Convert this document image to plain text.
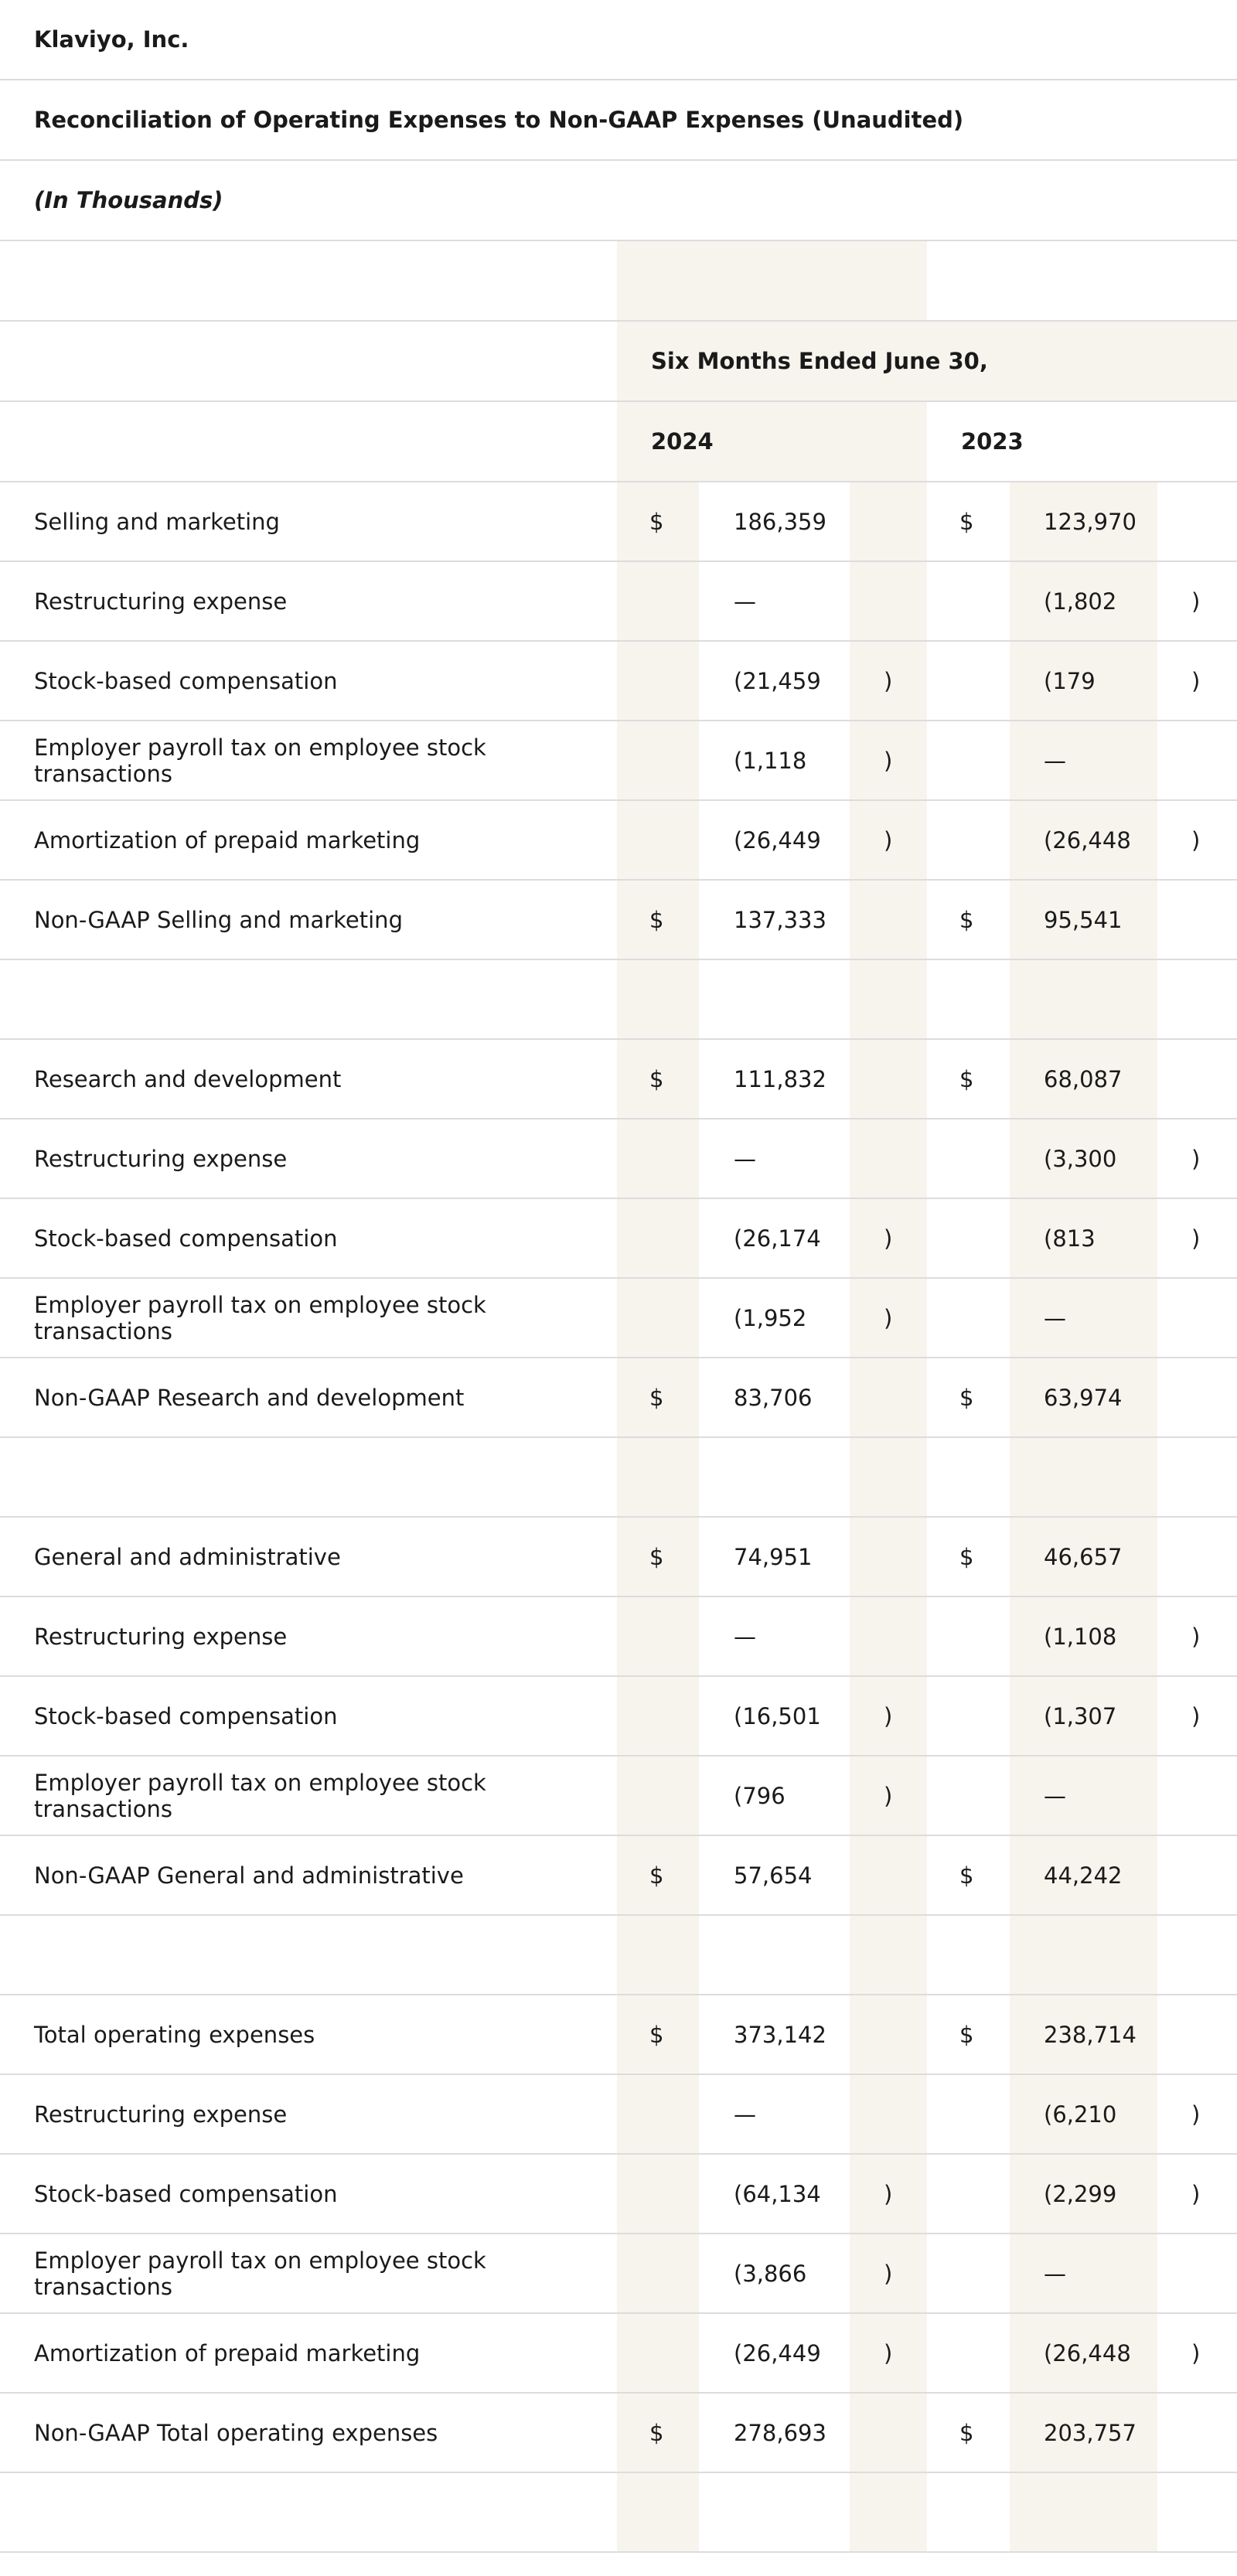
Klaviyo, Inc.
Reconciliation of Operating Expenses to Non-GAAP Expenses (Unaudited)
(In Thousands)
Six Months Ended June 30,
2024	2023
Selling and marketing	$	186,359	$	123,970
Restructuring expense	—	(1,802	)
Stock-based compensation	(21,459	)	(179	)
Employer payroll tax on employee stock transactions	(1,118	)	—
Amortization of prepaid marketing	(26,449	)	(26,448	)
Non-GAAP Selling and marketing	$	137,333	$	95,541
Research and development	$	111,832	$	68,087
Restructuring expense	—	(3,300	)
Stock-based compensation	(26,174	)	(813	)
Employer payroll tax on employee stock transactions	(1,952	)	—
Non-GAAP Research and development	$	83,706	$	63,974
General and administrative	$	74,951	$	46,657
Restructuring expense	—	(1,108	)
Stock-based compensation	(16,501	)	(1,307	)
Employer payroll tax on employee stock transactions	(796	)	—
Non-GAAP General and administrative	$	57,654	$	44,242
Total operating expenses	$	373,142	$	238,714
Restructuring expense	—	(6,210	)
Stock-based compensation	(64,134	)	(2,299	)
Employer payroll tax on employee stock transactions	(3,866	)	—
Amortization of prepaid marketing	(26,449	)	(26,448	)
Non-GAAP Total operating expenses	$	278,693	$	203,757
